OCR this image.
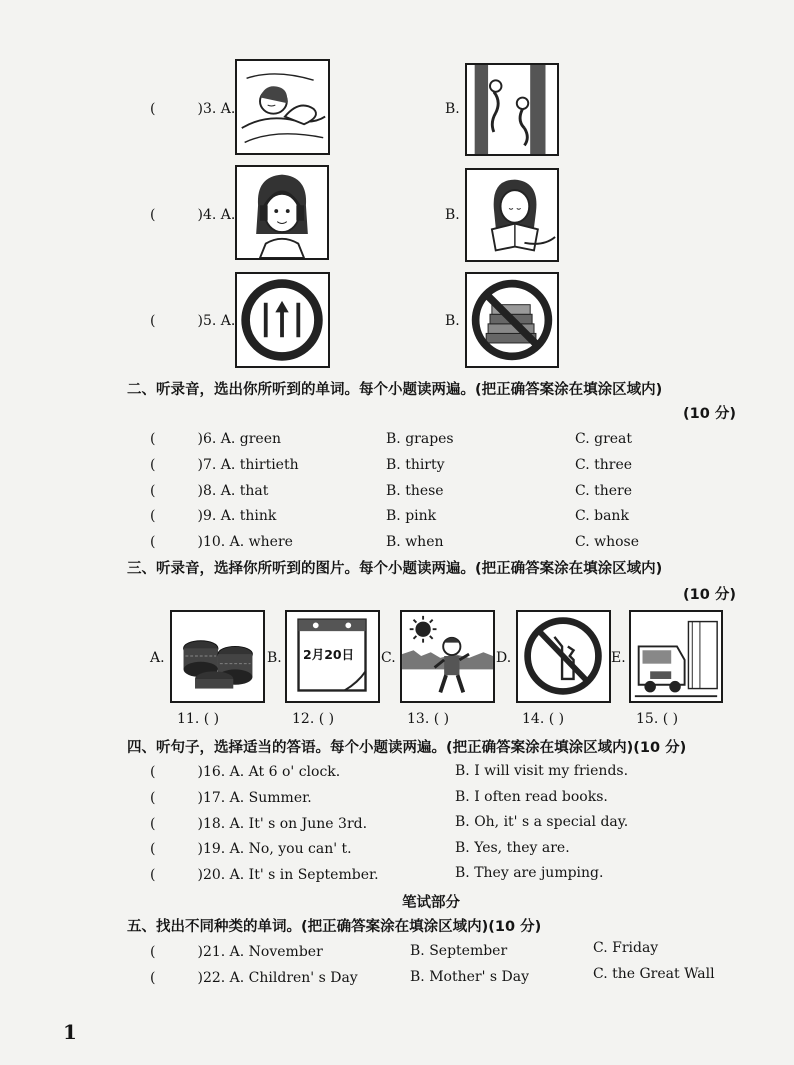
(	)3. A.	B.
(	)4. A.	B.
(	)5. A.	B.
二、听录音，选出你所听到的单词。每个小题读两遍。(把正确答案涂在填涂区域内)
(10 分)
(	)6. A. green	B. grapes	C. great
(	)7. A. thirtieth	B. thirty	C. three
(	)8. A. that	B. these	C. there
(	)9. A. think	B. pink	C. bank
(	)10. A. where	B. when	C. whose
三、听录音，选择你所听到的图片。每个小题读两遍。(把正确答案涂在填涂区域内)
(10 分)
A.	B. 2月20日 C.	D.	E.
11. ( )	12. ( )	13. ( )	14. ( )	15. ( )
四、听句子，选择适当的答语。每个小题读两遍。(把正确答案涂在填涂区域内)(10 分)
(	)16. A. At 6 o' clock.	B. I will visit my friends.
(	)17. A. Summer.	B. I often read books.
(	)18. A. It' s on June 3rd.	B. Oh, it' s a special day.
(	)19. A. No, you can' t.	B. Yes, they are.
(	)20. A. It' s in September.	B. They are jumping.
笔试部分
五、找出不同种类的单词。(把正确答案涂在填涂区域内)(10 分)
(	)21. A. November	B. September	C. Friday
(	)22. A. Children' s Day	B. Mother' s Day	C. the Great Wall
1
